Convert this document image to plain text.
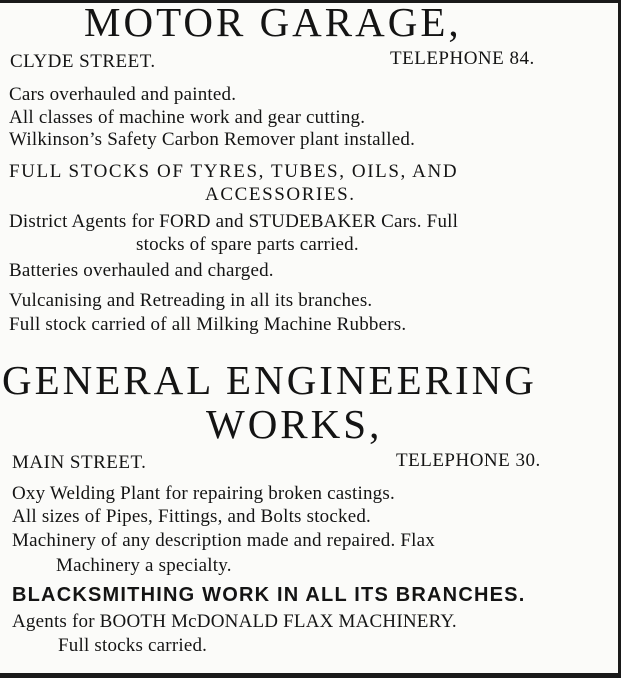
MOTOR GARAGE,
CLYDE STREET.	TELEPHONE 84.
Cars overhauled and painted.
All classes of machine work and gear cutting.
Wilkinson’s Safety Carbon Remover plant installed.
FULL STOCKS OF TYRES, TUBES, OILS, AND
ACCESSORIES.
District Agents for FORD and STUDEBAKER Cars. Full
stocks of spare parts carried.
Batteries overhauled and charged.
Vulcanising and Retreading in all its branches.
Full stock carried of all Milking Machine Rubbers.
GENERAL ENGINEERING
WORKS,
MAIN STREET.	TELEPHONE 30.
Oxy Welding Plant for repairing broken castings.
All sizes of Pipes, Fittings, and Bolts stocked.
Machinery of any description made and repaired. Flax
Machinery a specialty.
BLACKSMITHING WORK IN ALL ITS BRANCHES.
Agents for BOOTH McDONALD FLAX MACHINERY.
Full stocks carried.
